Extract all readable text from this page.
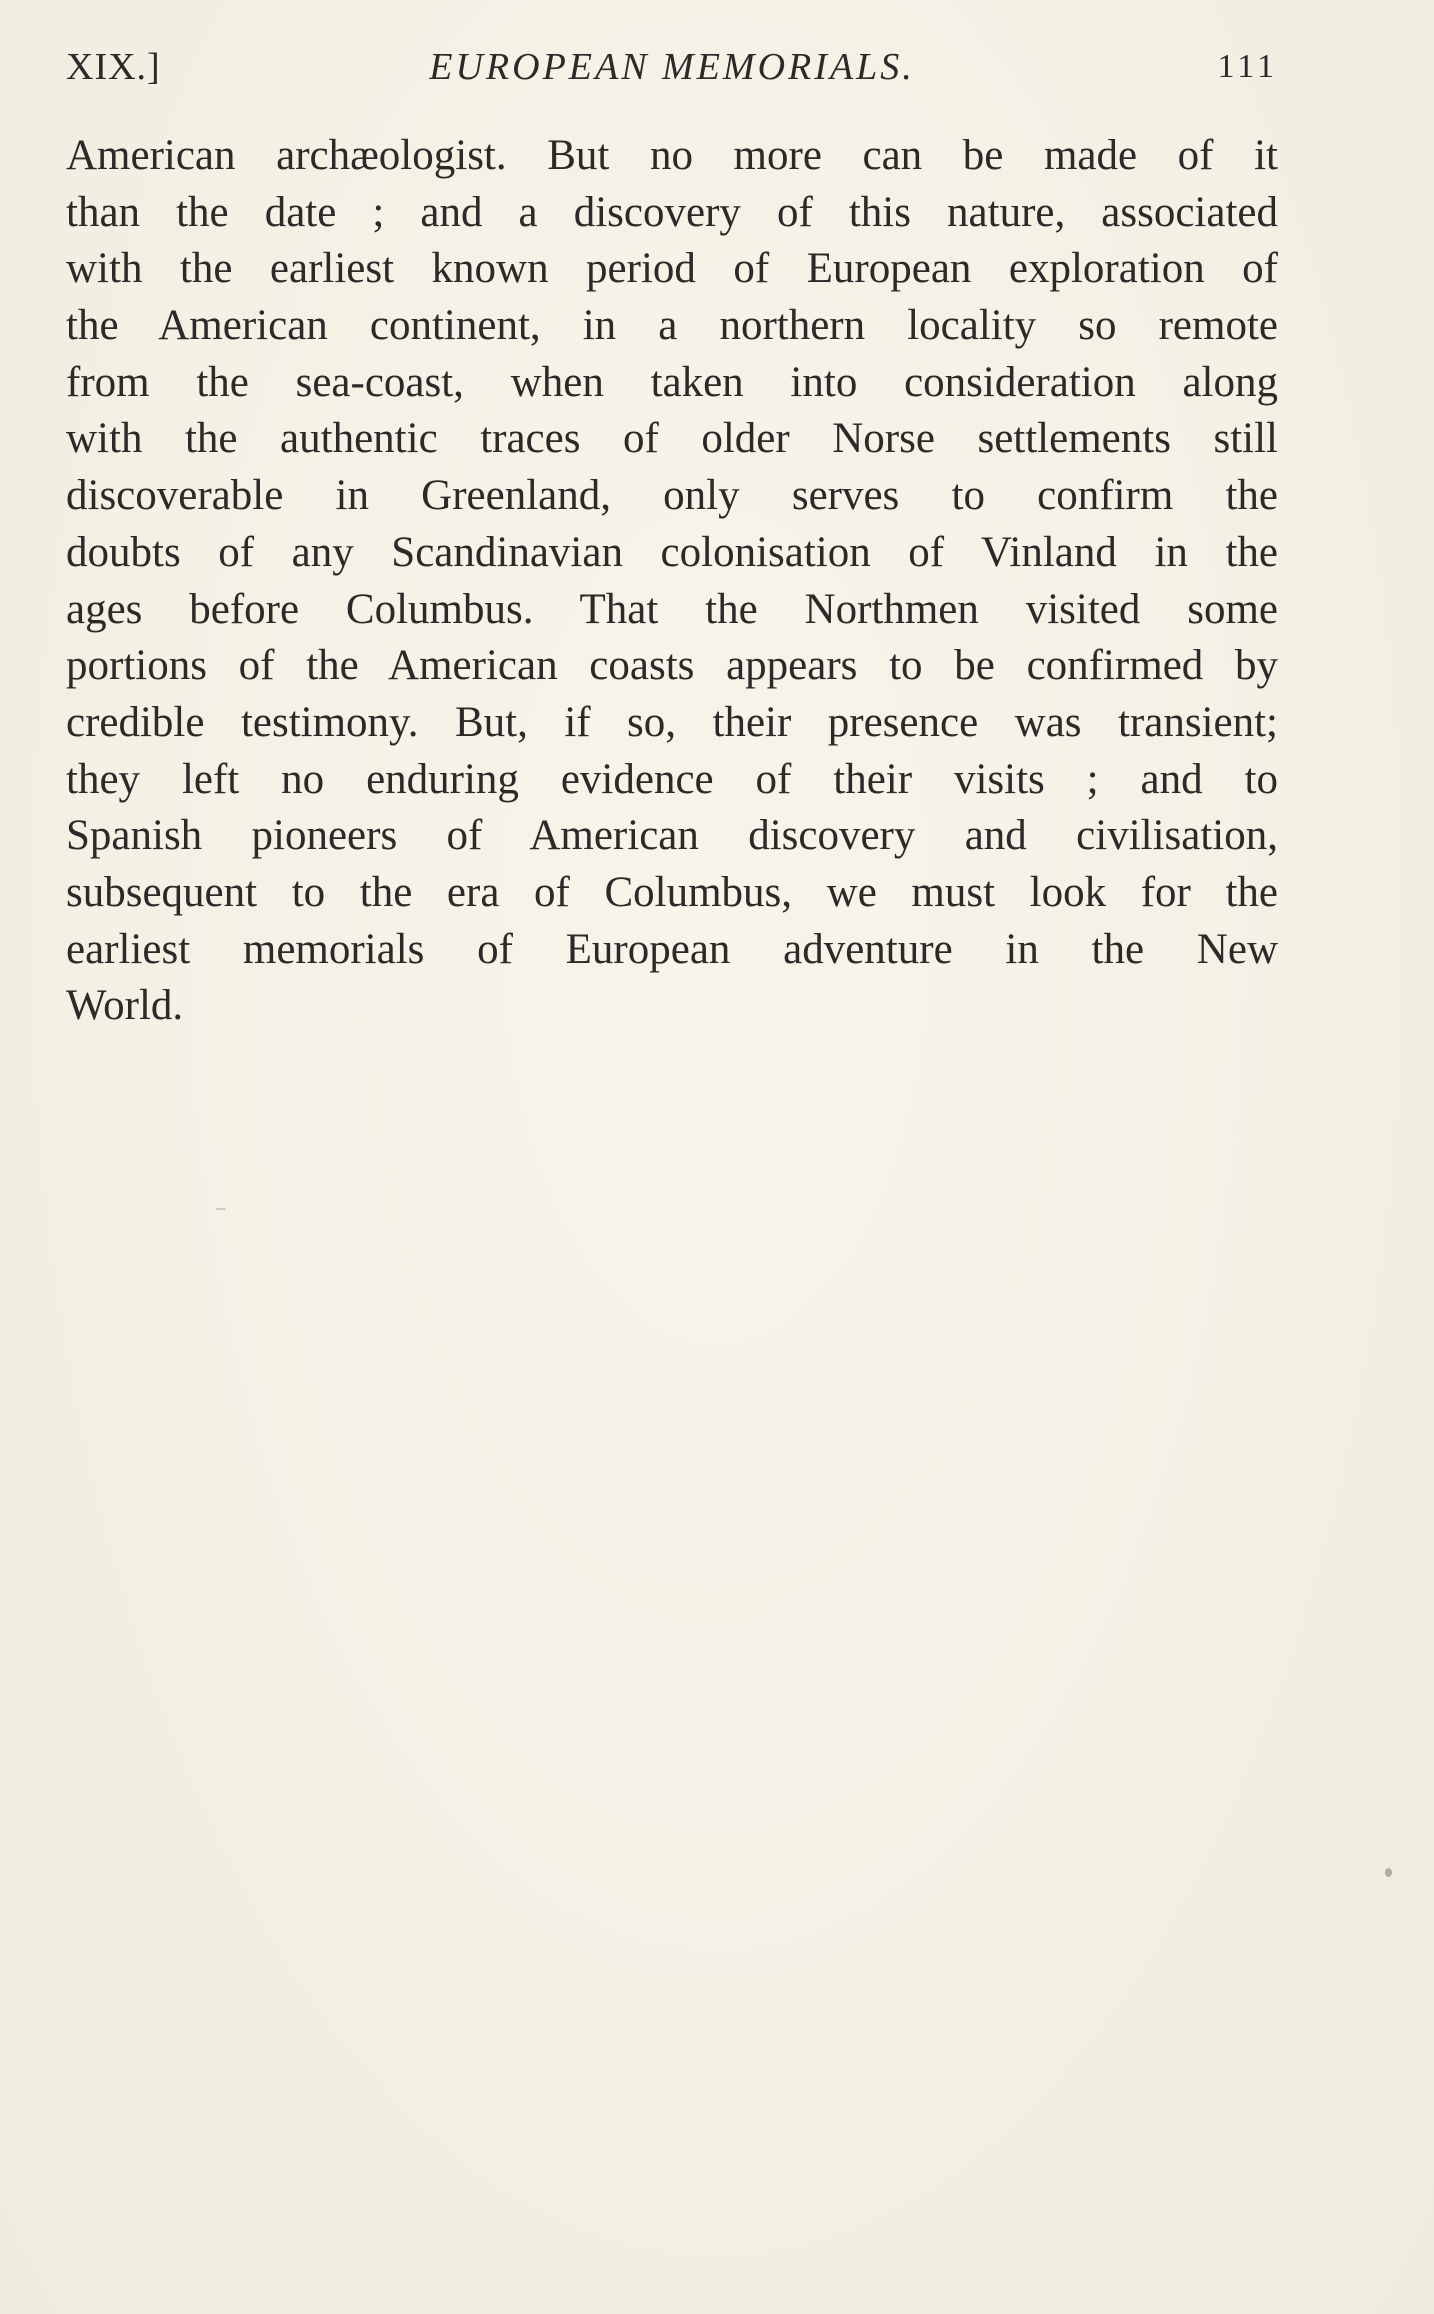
XIX.]	EUROPEAN MEMORIALS.	111
American archæologist. But no more can be made of it
than the date ; and a discovery of this nature, associated
with the earliest known period of European exploration of
the American continent, in a northern locality so remote
from the sea-coast, when taken into consideration along
with the authentic traces of older Norse settlements still
discoverable in Greenland, only serves to confirm the
doubts of any Scandinavian colonisation of Vinland in the
ages before Columbus. That the Northmen visited some
portions of the American coasts appears to be confirmed by
credible testimony. But, if so, their presence was transient;
they left no enduring evidence of their visits ; and to
Spanish pioneers of American discovery and civilisation,
subsequent to the era of Columbus, we must look for the
earliest memorials of European adventure in the New
World.
